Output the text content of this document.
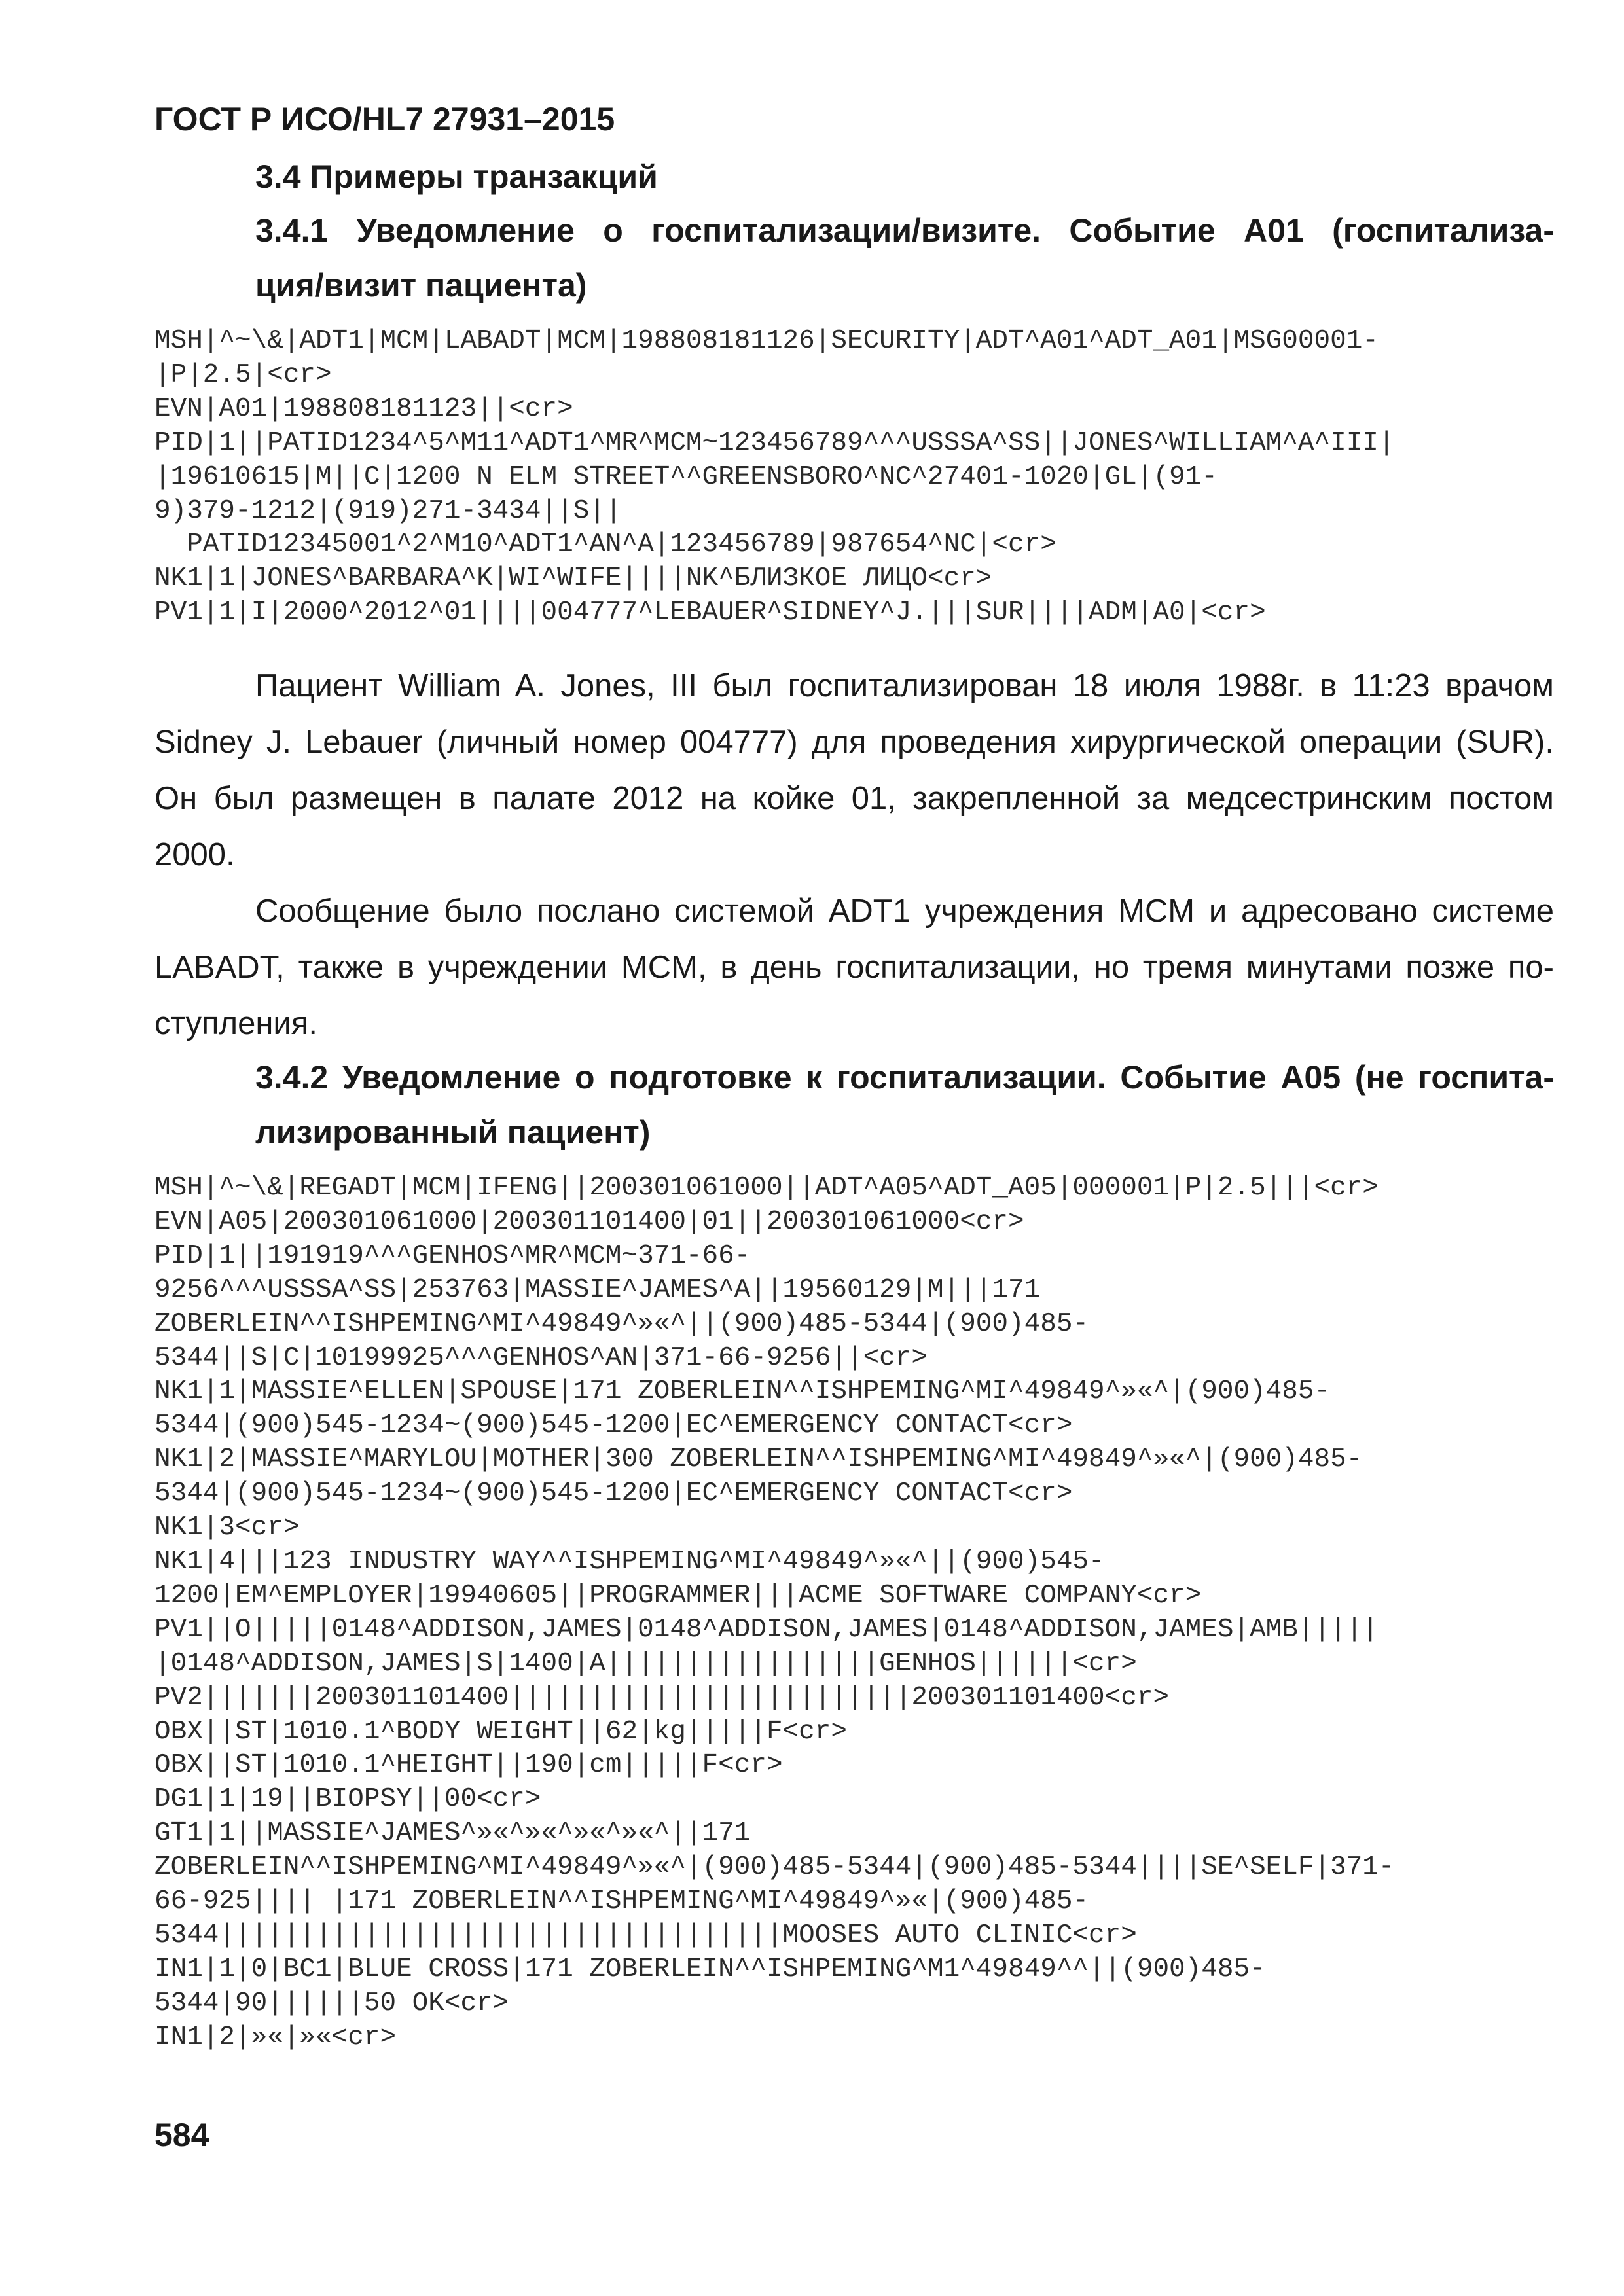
ГОСТ Р ИСО/HL7 27931–2015
3.4 Примеры транзакций
3.4.1 Уведомление о госпитализации/визите. Событие A01 (госпитализа-
ция/визит пациента)
MSH|^~\&|ADT1|MCM|LABADT|MCM|198808181126|SECURITY|ADT^A01^ADT_A01|MSG00001-
|P|2.5|<cr>
EVN|A01|198808181123||<cr>
PID|1||PATID1234^5^M11^ADT1^MR^MCM~123456789^^^USSSA^SS||JONES^WILLIAM^A^III|
|19610615|M||C|1200 N ELM STREET^^GREENSBORO^NC^27401-1020|GL|(91-
9)379-1212|(919)271-3434||S||
PATID12345001^2^M10^ADT1^AN^A|123456789|987654^NC|<cr>
NK1|1|JONES^BARBARA^K|WI^WIFE||||NK^БЛИЗКОЕ ЛИЦО<cr>
PV1|1|I|2000^2012^01||||004777^LEBAUER^SIDNEY^J.|||SUR||||ADM|A0|<cr>
Пациент William A. Jones, III был госпитализирован 18 июля 1988г. в 11:23 врачом
Sidney J. Lebauer (личный номер 004777) для проведения хирургической операции (SUR).
Он был размещен в палате 2012 на койке 01, закрепленной за медсестринским постом
2000.
Сообщение было послано системой ADT1 учреждения MCM и адресовано системе
LABADT, также в учреждении MCM, в день госпитализации, но тремя минутами позже по-
ступления.
3.4.2 Уведомление о подготовке к госпитализации. Событие A05 (не госпита-
лизированный пациент)
MSH|^~\&|REGADT|MCM|IFENG||200301061000||ADT^A05^ADT_A05|000001|P|2.5|||<cr>
EVN|A05|200301061000|200301101400|01||200301061000<cr>
PID|1||191919^^^GENHOS^MR^MCM~371-66-
9256^^^USSSA^SS|253763|MASSIE^JAMES^A||19560129|M|||171
ZOBERLEIN^^ISHPEMING^MI^49849^»«^||(900)485-5344|(900)485-
5344||S|C|10199925^^^GENHOS^AN|371-66-9256||<cr>
NK1|1|MASSIE^ELLEN|SPOUSE|171 ZOBERLEIN^^ISHPEMING^MI^49849^»«^|(900)485-
5344|(900)545-1234~(900)545-1200|EC^EMERGENCY CONTACT<cr>
NK1|2|MASSIE^MARYLOU|MOTHER|300 ZOBERLEIN^^ISHPEMING^MI^49849^»«^|(900)485-
5344|(900)545-1234~(900)545-1200|EC^EMERGENCY CONTACT<cr>
NK1|3<cr>
NK1|4|||123 INDUSTRY WAY^^ISHPEMING^MI^49849^»«^||(900)545-
1200|EM^EMPLOYER|19940605||PROGRAMMER|||ACME SOFTWARE COMPANY<cr>
PV1||O|||||0148^ADDISON,JAMES|0148^ADDISON,JAMES|0148^ADDISON,JAMES|AMB|||||
|0148^ADDISON,JAMES|S|1400|A|||||||||||||||||GENHOS||||||<cr>
PV2|||||||200301101400|||||||||||||||||||||||||200301101400<cr>
OBX||ST|1010.1^BODY WEIGHT||62|kg|||||F<cr>
OBX||ST|1010.1^HEIGHT||190|cm|||||F<cr>
DG1|1|19||BIOPSY||00<cr>
GT1|1||MASSIE^JAMES^»«^»«^»«^»«^||171
ZOBERLEIN^^ISHPEMING^MI^49849^»«^|(900)485-5344|(900)485-5344||||SE^SELF|371-
66-925|||| |171 ZOBERLEIN^^ISHPEMING^MI^49849^»«|(900)485-
5344|||||||||||||||||||||||||||||||||||MOOSES AUTO CLINIC<cr>
IN1|1|0|BC1|BLUE CROSS|171 ZOBERLEIN^^ISHPEMING^M1^49849^^||(900)485-
5344|90||||||50 OK<cr>
IN1|2|»«|»«<cr>
584
